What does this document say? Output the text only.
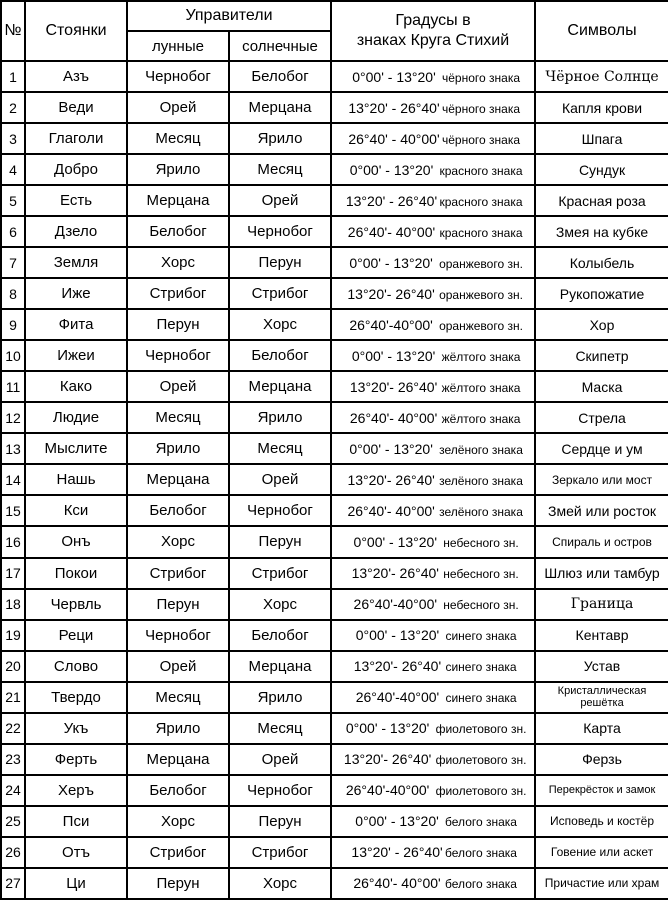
№	Стоянки	Управители		Градусы в
знаках Круга Стихий	Символы
		лунные	солнечные		
1	Азъ	Чернобог	Белобог	0°00' - 13°20' чёрного знака	Чёрное Солнце
2	Веди	Орей	Мерцана	13°20' - 26°40' чёрного знака	Капля крови
3	Глаголи	Месяц	Ярило	26°40' - 40°00' чёрного знака	Шпага
4	Добро	Ярило	Месяц	0°00' - 13°20' красного знака	Сундук
5	Есть	Мерцана	Орей	13°20' - 26°40' красного знака	Красная роза
6	Дзело	Белобог	Чернобог	26°40'- 40°00' красного знака	Змея на кубке
7	Земля	Хорс	Перун	0°00' - 13°20' оранжевого зн.	Колыбель
8	Иже	Стрибог	Стрибог	13°20'- 26°40' оранжевого зн.	Рукопожатие
9	Фита	Перун	Хорс	26°40'-40°00' оранжевого зн.	Хор
10	Ижеи	Чернобог	Белобог	0°00' - 13°20' жёлтого знака	Скипетр
11	Како	Орей	Мерцана	13°20'- 26°40' жёлтого знака	Маска
12	Людие	Месяц	Ярило	26°40'- 40°00' жёлтого знака	Стрела
13	Мыслите	Ярило	Месяц	0°00' - 13°20' зелёного знака	Сердце и ум
14	Нашь	Мерцана	Орей	13°20'- 26°40' зелёного знака	Зеркало или мост
15	Кси	Белобог	Чернобог	26°40'- 40°00' зелёного знака	Змей или росток
16	Онъ	Хорс	Перун	0°00' - 13°20' небесного зн.	Спираль и остров
17	Покои	Стрибог	Стрибог	13°20'- 26°40' небесного зн.	Шлюз или тамбур
18	Червль	Перун	Хорс	26°40'-40°00' небесного зн.	Граница
19	Реци	Чернобог	Белобог	0°00' - 13°20' синего знака	Кентавр
20	Слово	Орей	Мерцана	13°20'- 26°40' синего знака	Устав
21	Твердо	Месяц	Ярило	26°40'-40°00' синего знака	Кристаллическая решётка
22	Укъ	Ярило	Месяц	0°00' - 13°20' фиолетового зн.	Карта
23	Ферть	Мерцана	Орей	13°20'- 26°40' фиолетового зн.	Ферзь
24	Херъ	Белобог	Чернобог	26°40'-40°00' фиолетового зн.	Перекрёсток и замок
25	Пси	Хорс	Перун	0°00' - 13°20' белого знака	Исповедь и костёр
26	Отъ	Стрибог	Стрибог	13°20' - 26°40' белого знака	Говение или аскет
27	Ци	Перун	Хорс	26°40'- 40°00' белого знака	Причастие или храм
